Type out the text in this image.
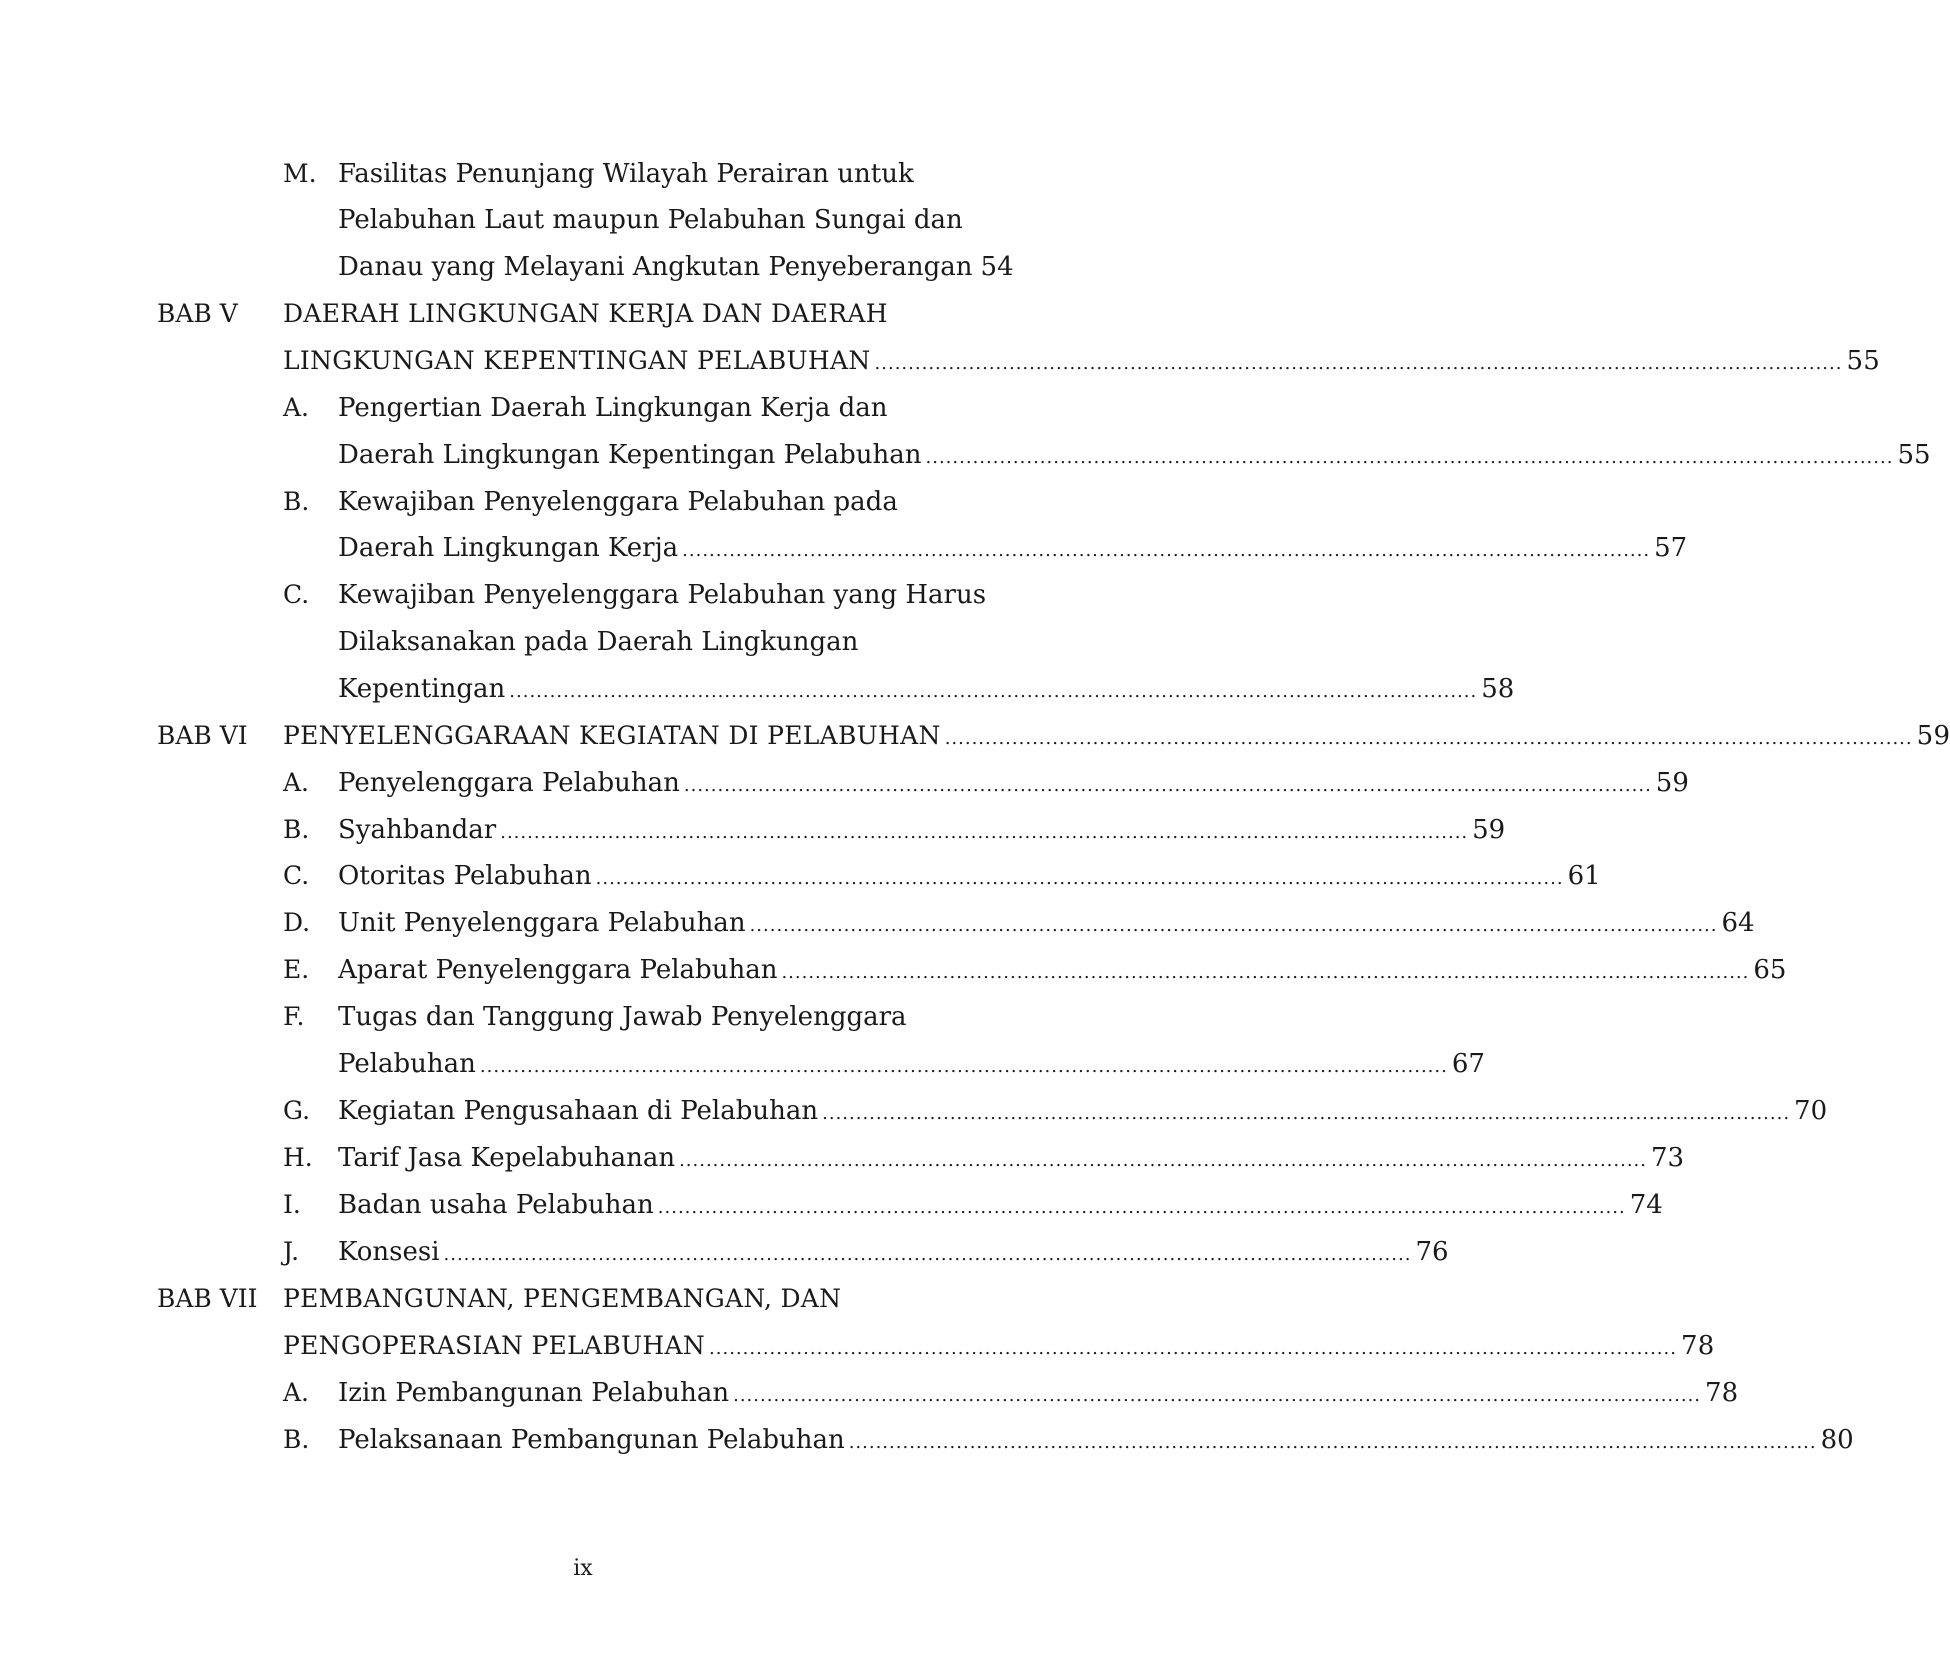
M. Fasilitas Penunjang Wilayah Perairan untuk
Pelabuhan Laut maupun Pelabuhan Sungai dan
Danau yang Melayani Angkutan Penyeberangan 54
BAB V DAERAH LINGKUNGAN KERJA DAN DAERAH
LINGKUNGAN KEPENTINGAN PELABUHAN ................................................................................................................................................ 55
A. Pengertian Daerah Lingkungan Kerja dan
Daerah Lingkungan Kepentingan Pelabuhan ................................................................................................................................................ 55
B. Kewajiban Penyelenggara Pelabuhan pada
Daerah Lingkungan Kerja ................................................................................................................................................ 57
C. Kewajiban Penyelenggara Pelabuhan yang Harus
Dilaksanakan pada Daerah Lingkungan
Kepentingan ................................................................................................................................................ 58
BAB VI PENYELENGGARAAN KEGIATAN DI PELABUHAN ................................................................................................................................................ 59
A. Penyelenggara Pelabuhan ................................................................................................................................................ 59
B. Syahbandar ................................................................................................................................................ 59
C. Otoritas Pelabuhan ................................................................................................................................................ 61
D. Unit Penyelenggara Pelabuhan ................................................................................................................................................ 64
E. Aparat Penyelenggara Pelabuhan ................................................................................................................................................ 65
F. Tugas dan Tanggung Jawab Penyelenggara
Pelabuhan ................................................................................................................................................ 67
G. Kegiatan Pengusahaan di Pelabuhan ................................................................................................................................................ 70
H. Tarif Jasa Kepelabuhanan ................................................................................................................................................ 73
I. Badan usaha Pelabuhan ................................................................................................................................................ 74
J. Konsesi ................................................................................................................................................ 76
BAB VII PEMBANGUNAN, PENGEMBANGAN, DAN
PENGOPERASIAN PELABUHAN ................................................................................................................................................ 78
A. Izin Pembangunan Pelabuhan ................................................................................................................................................ 78
B. Pelaksanaan Pembangunan Pelabuhan ................................................................................................................................................ 80
ix
